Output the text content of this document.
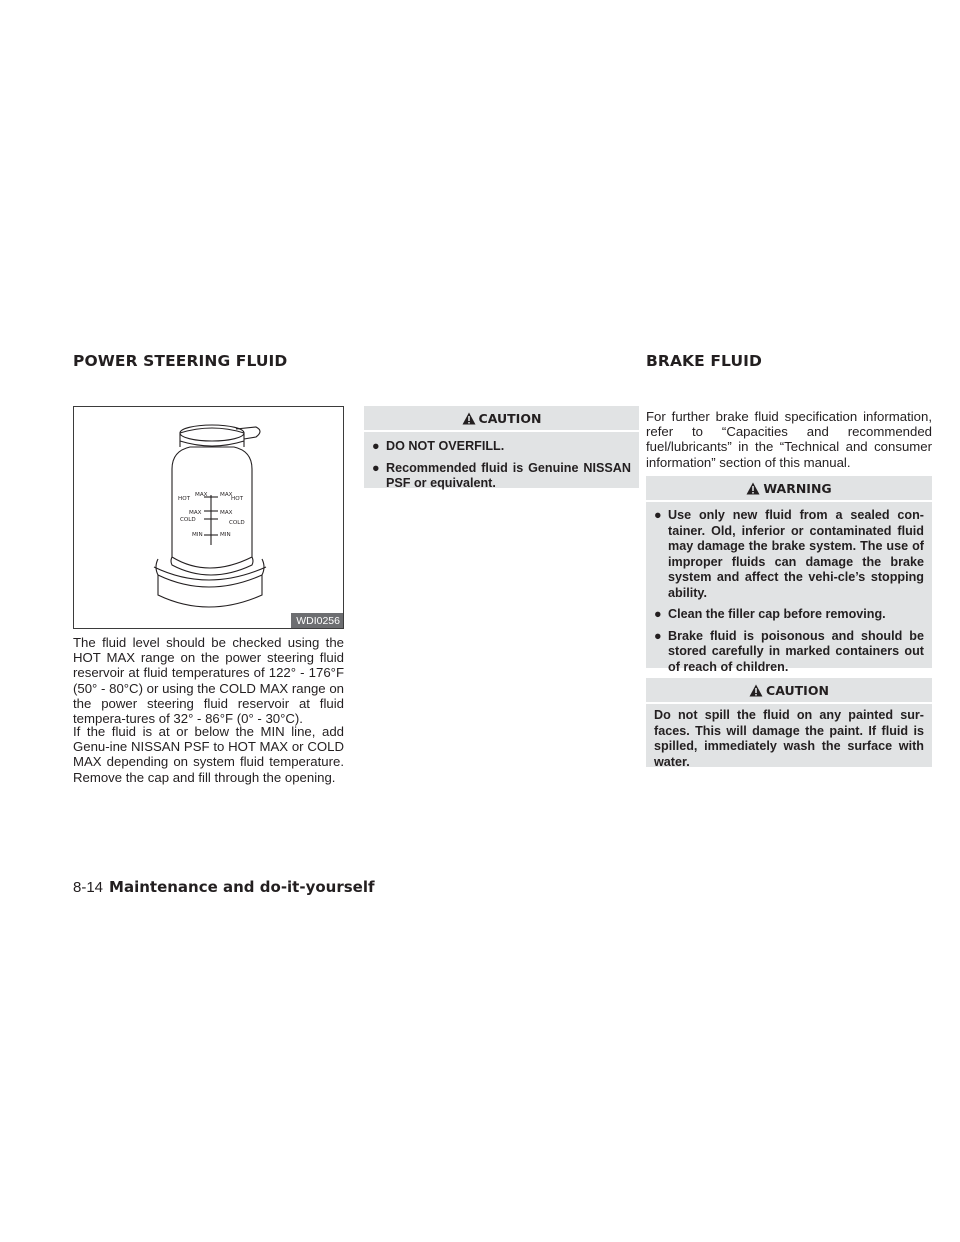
POWER STEERING FLUID	BRAKE FLUID
HOT
MAX MAX
HOT
MAX	MAX
COLD	COLD
MIN	MIN
WDI0256

The fluid level should be checked using the HOT MAX range on the power steering fluid reservoir at fluid temperatures of 122° - 176°F (50° - 80°C) or using the COLD MAX range on the power steering fluid reservoir at fluid tempera-tures of 32° - 86°F (0° - 30°C).

If the fluid is at or below the MIN line, add Genu-ine NISSAN PSF to HOT MAX or COLD MAX depending on system fluid temperature. Remove the cap and fill through the opening.

CAUTION
● DO NOT OVERFILL.
● Recommended fluid is Genuine NISSAN PSF or equivalent.

For further brake fluid specification information, refer to “Capacities and recommended fuel/lubricants” in the “Technical and consumer information” section of this manual.

WARNING
● Use only new fluid from a sealed con-tainer. Old, inferior or contaminated fluid may damage the brake system. The use of improper fluids can damage the brake system and affect the vehi-cle’s stopping ability.
● Clean the filler cap before removing.
● Brake fluid is poisonous and should be stored carefully in marked containers out of reach of children.
CAUTION
Do not spill the fluid on any painted sur-faces. This will damage the paint. If fluid is spilled, immediately wash the surface with water.
8-14 Maintenance and do-it-yourself
